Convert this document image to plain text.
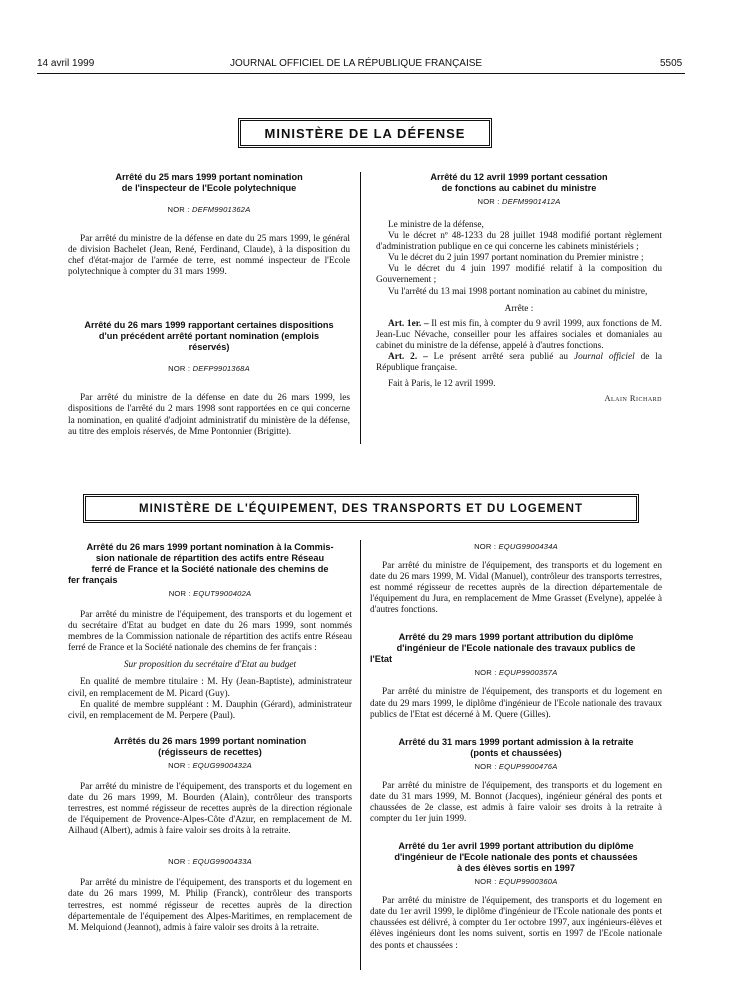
14 avril 1999	JOURNAL OFFICIEL DE LA RÉPUBLIQUE FRANÇAISE	5505
MINISTÈRE DE LA DÉFENSE

Arrêté du 25 mars 1999 portant nomination

de l'inspecteur de l'Ecole polytechnique

NOR : DEFM9901362A

Par arrêté du ministre de la défense en date du 25 mars 1999, le général de division Bachelet (Jean, René, Ferdinand, Claude), à la disposition du chef d'état-major de l'armée de terre, est nommé inspecteur de l'Ecole polytechnique à compter du 31 mars 1999.

Arrêté du 26 mars 1999 rapportant certaines dispositions

d'un précédent arrêté portant nomination (emplois

réservés)

NOR : DEFP9901368A

Par arrêté du ministre de la défense en date du 26 mars 1999, les dispositions de l'arrêté du 2 mars 1998 sont rapportées en ce qui concerne la nomination, en qualité d'adjoint administratif du ministère de la défense, au titre des emplois réservés, de Mme Pontonnier (Brigitte).

Arrêté du 12 avril 1999 portant cessation

de fonctions au cabinet du ministre

NOR : DEFM9901412A

Le ministre de la défense,

Vu le décret nº 48-1233 du 28 juillet 1948 modifié portant règlement d'administration publique en ce qui concerne les cabinets ministériels ;

Vu le décret du 2 juin 1997 portant nomination du Premier ministre ;

Vu le décret du 4 juin 1997 modifié relatif à la composition du Gouvernement ;

Vu l'arrêté du 13 mai 1998 portant nomination au cabinet du ministre,

Arrête :

Art. 1er. – Il est mis fin, à compter du 9 avril 1999, aux fonctions de M. Jean-Luc Névache, conseiller pour les affaires sociales et domaniales au cabinet du ministre de la défense, appelé à d'autres fonctions.

Art. 2. – Le présent arrêté sera publié au Journal officiel de la République française.

Fait à Paris, le 12 avril 1999.

Alain Richard

MINISTÈRE DE L'ÉQUIPEMENT, DES TRANSPORTS ET DU LOGEMENT

Arrêté du 26 mars 1999 portant nomination à la Commis-

sion nationale de répartition des actifs entre Réseau

ferré de France et la Société nationale des chemins de

fer français

NOR : EQUT9900402A

Par arrêté du ministre de l'équipement, des transports et du logement et du secrétaire d'Etat au budget en date du 26 mars 1999, sont nommés membres de la Commission nationale de répartition des actifs entre Réseau ferré de France et la Société nationale des chemins de fer français :

Sur proposition du secrétaire d'Etat au budget

En qualité de membre titulaire : M. Hy (Jean-Baptiste), administrateur civil, en remplacement de M. Picard (Guy).

En qualité de membre suppléant : M. Dauphin (Gérard), administrateur civil, en remplacement de M. Perpere (Paul).

Arrêtés du 26 mars 1999 portant nomination

(régisseurs de recettes)

NOR : EQUG9900432A

Par arrêté du ministre de l'équipement, des transports et du logement en date du 26 mars 1999, M. Bourden (Alain), contrôleur des transports terrestres, est nommé régisseur de recettes auprès de la direction régionale de l'équipement de Provence-Alpes-Côte d'Azur, en remplacement de M. Ailhaud (Albert), admis à faire valoir ses droits à la retraite.

NOR : EQUG9900433A

Par arrêté du ministre de l'équipement, des transports et du logement en date du 26 mars 1999, M. Philip (Franck), contrôleur des transports terrestres, est nommé régisseur de recettes auprès de la direction départementale de l'équipement des Alpes-Maritimes, en remplacement de M. Melquiond (Jeannot), admis à faire valoir ses droits à la retraite.

NOR : EQUG9900434A

Par arrêté du ministre de l'équipement, des transports et du logement en date du 26 mars 1999, M. Vidal (Manuel), contrôleur des transports terrestres, est nommé régisseur de recettes auprès de la direction départementale de l'équipement du Jura, en remplacement de Mme Grasset (Evelyne), appelée à d'autres fonctions.

Arrêté du 29 mars 1999 portant attribution du diplôme

d'ingénieur de l'Ecole nationale des travaux publics de

l'Etat

NOR : EQUP9900357A

Par arrêté du ministre de l'équipement, des transports et du logement en date du 29 mars 1999, le diplôme d'ingénieur de l'Ecole nationale des travaux publics de l'Etat est décerné à M. Quere (Gilles).

Arrêté du 31 mars 1999 portant admission à la retraite

(ponts et chaussées)

NOR : EQUP9900476A

Par arrêté du ministre de l'équipement, des transports et du logement en date du 31 mars 1999, M. Bonnot (Jacques), ingénieur général des ponts et chaussées de 2e classe, est admis à faire valoir ses droits à la retraite à compter du 1er juin 1999.

Arrêté du 1er avril 1999 portant attribution du diplôme

d'ingénieur de l'Ecole nationale des ponts et chaussées

à des élèves sortis en 1997

NOR : EQUP9900360A

Par arrêté du ministre de l'équipement, des transports et du logement en date du 1er avril 1999, le diplôme d'ingénieur de l'Ecole nationale des ponts et chaussées est délivré, à compter du 1er octobre 1997, aux ingénieurs-élèves et élèves ingénieurs dont les noms suivent, sortis en 1997 de l'Ecole nationale des ponts et chaussées :
